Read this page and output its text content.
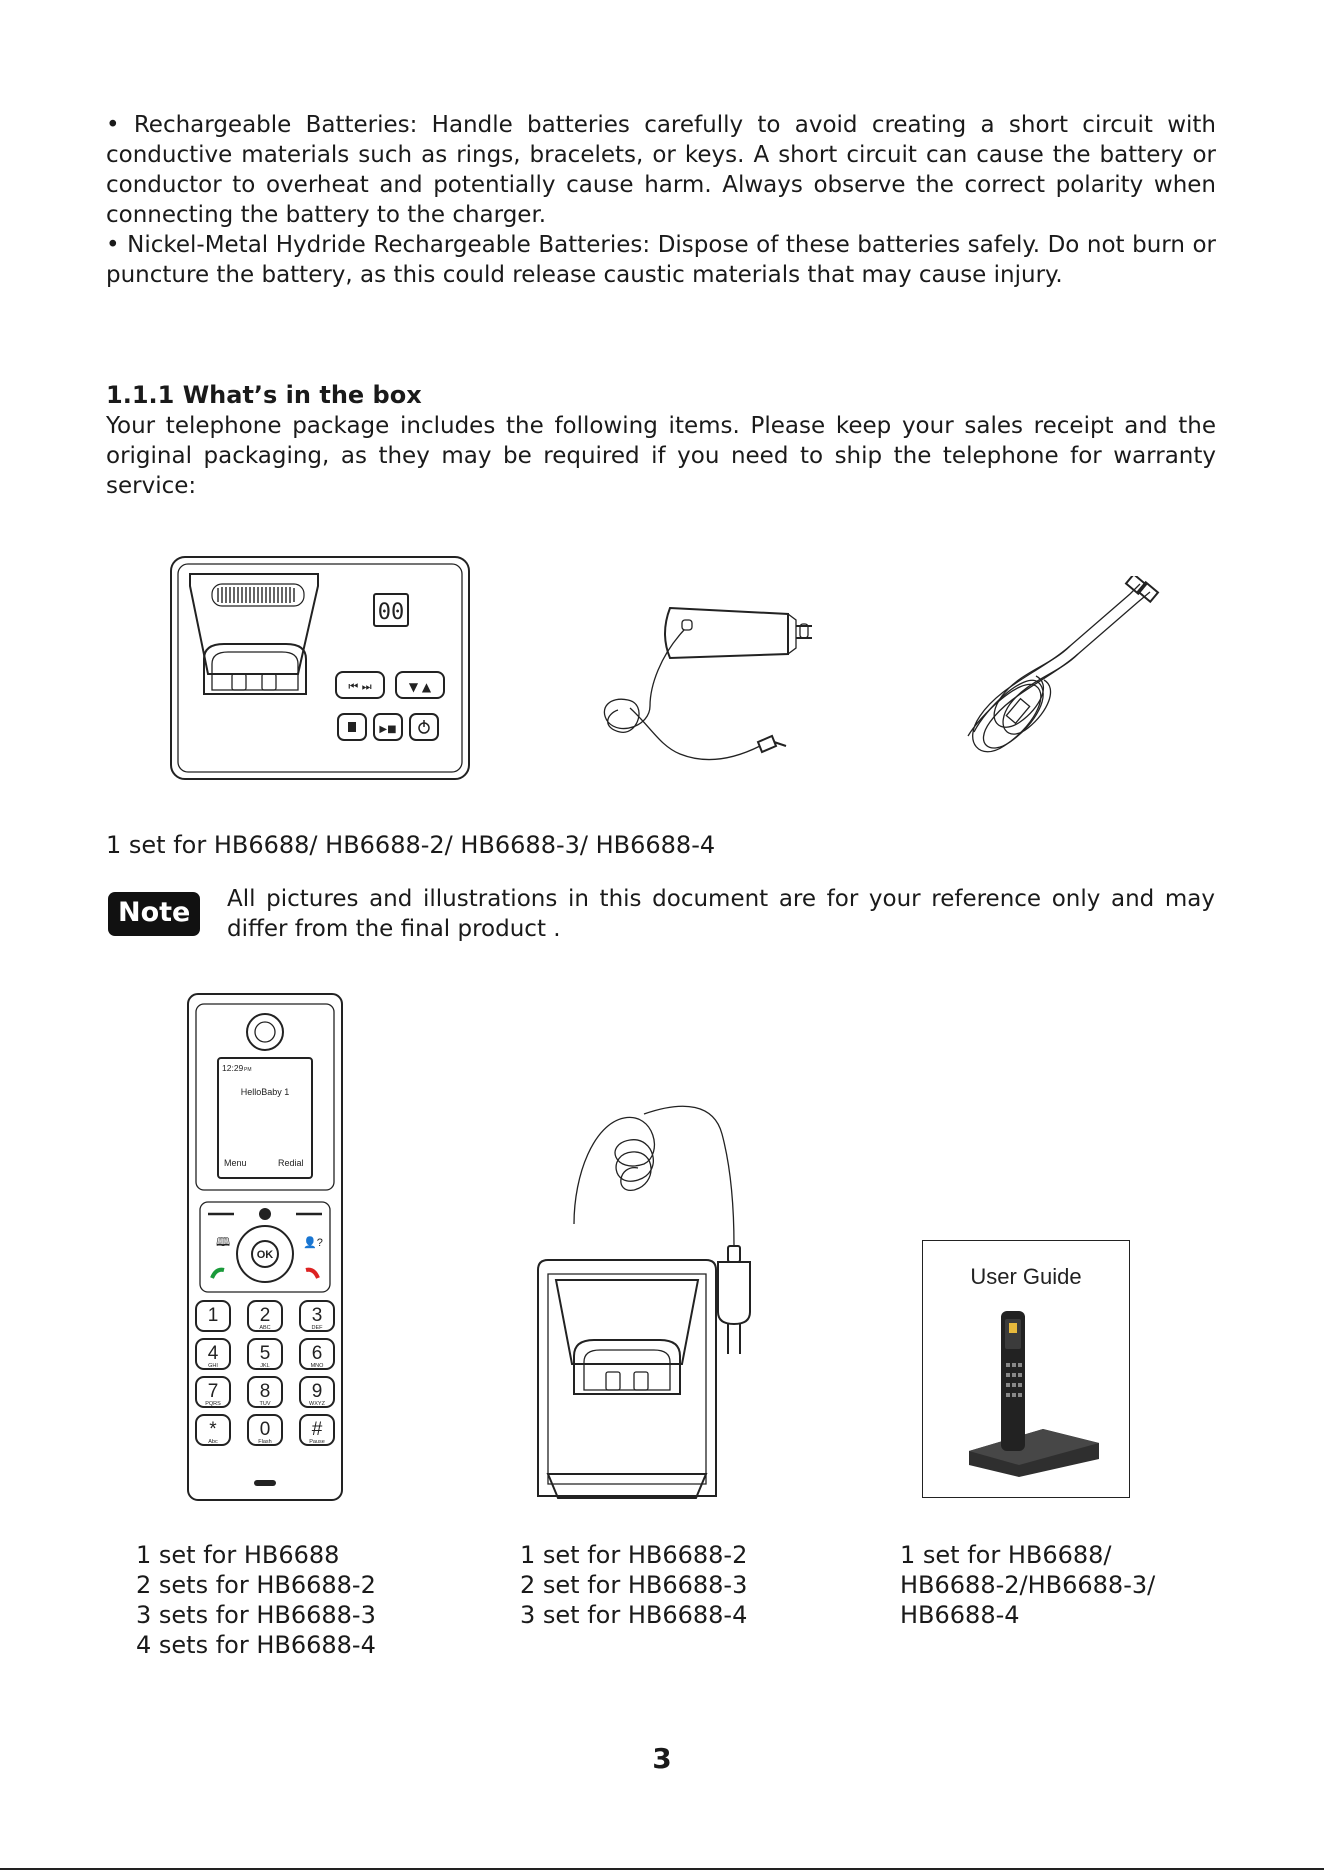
• Rechargeable Batteries: Handle batteries carefully to avoid creating a short circuit with conductive materials such as rings, bracelets, or keys. A short circuit can cause the battery or conductor to overheat and potentially cause harm. Always observe the correct polarity when connecting the battery to the charger.

• Nickel-Metal Hydride Rechargeable Batteries: Dispose of these batteries safely. Do not burn or puncture the battery, as this could release caustic materials that may cause injury.

1.1.1 What’s in the box
Your telephone package includes the following items. Please keep your sales receipt and the original packaging, as they may be required if you need to ship the telephone for warranty service:
00
⏮ ⏭	▼ ▲
▶■
1 set for HB6688/ HB6688-2/ HB6688-3/ HB6688-4
Note	All pictures and illustrations in this document are for your reference only and may differ from the final product .
12:29 PM
HelloBaby 1
Menu	Redial
OK
🕮	👤?
1 2
ABC
3
DEF
4
GHI
5
JKL
6
MNO
7
PQRS
8
TUV
9
WXYZ
*
Abc
0
Flash
#
Pause
User Guide
1 set for HB6688
2 sets for HB6688-2
3 sets for HB6688-3
4 sets for HB6688-4
1 set for HB6688-2
2 set for HB6688-3
3 set for HB6688-4
1 set for HB6688/
HB6688-2/HB6688-3/
HB6688-4
3
